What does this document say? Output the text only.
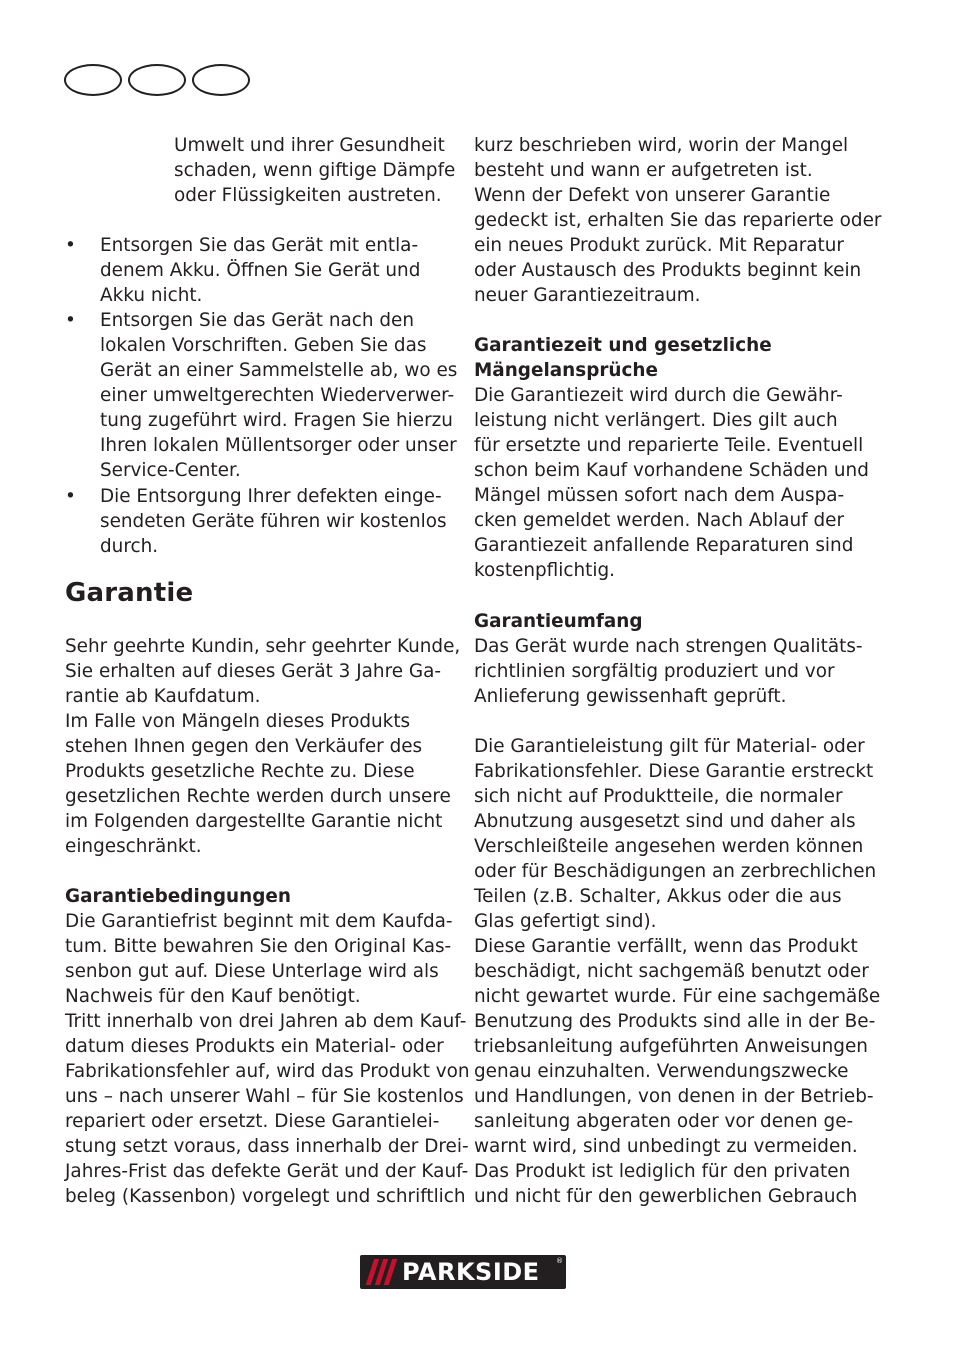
Umwelt und ihrer Gesundheit
schaden, wenn giftige Dämpfe
oder Flüssigkeiten austreten.
• Entsorgen Sie das Gerät mit entla-
denem Akku. Öffnen Sie Gerät und
Akku nicht.
• Entsorgen Sie das Gerät nach den
lokalen Vorschriften. Geben Sie das
Gerät an einer Sammelstelle ab, wo es
einer umweltgerechten Wiederverwer-
tung zugeführt wird. Fragen Sie hierzu
Ihren lokalen Müllentsorger oder unser
Service-Center.
• Die Entsorgung Ihrer defekten einge-
sendeten Geräte führen wir kostenlos
durch.
Garantie
Sehr geehrte Kundin, sehr geehrter Kunde,
Sie erhalten auf dieses Gerät 3 Jahre Ga-
rantie ab Kaufdatum.
Im Falle von Mängeln dieses Produkts
stehen Ihnen gegen den Verkäufer des
Produkts gesetzliche Rechte zu. Diese
gesetzlichen Rechte werden durch unsere
im Folgenden dargestellte Garantie nicht
eingeschränkt.
Garantiebedingungen
Die Garantiefrist beginnt mit dem Kaufda-
tum. Bitte bewahren Sie den Original Kas-
senbon gut auf. Diese Unterlage wird als
Nachweis für den Kauf benötigt.
Tritt innerhalb von drei Jahren ab dem Kauf-
datum dieses Produkts ein Material- oder
Fabrikationsfehler auf, wird das Produkt von
uns – nach unserer Wahl – für Sie kostenlos
repariert oder ersetzt. Diese Garantielei-
stung setzt voraus, dass innerhalb der Drei-
Jahres-Frist das defekte Gerät und der Kauf-
beleg (Kassenbon) vorgelegt und schriftlich
kurz beschrieben wird, worin der Mangel
besteht und wann er aufgetreten ist.
Wenn der Defekt von unserer Garantie
gedeckt ist, erhalten Sie das reparierte oder
ein neues Produkt zurück. Mit Reparatur
oder Austausch des Produkts beginnt kein
neuer Garantiezeitraum.
Garantiezeit und gesetzliche
Mängelansprüche
Die Garantiezeit wird durch die Gewähr-
leistung nicht verlängert. Dies gilt auch
für ersetzte und reparierte Teile. Eventuell
schon beim Kauf vorhandene Schäden und
Mängel müssen sofort nach dem Auspa-
cken gemeldet werden. Nach Ablauf der
Garantiezeit anfallende Reparaturen sind
kostenpflichtig.
Garantieumfang
Das Gerät wurde nach strengen Qualitäts-
richtlinien sorgfältig produziert und vor
Anlieferung gewissenhaft geprüft.
Die Garantieleistung gilt für Material- oder
Fabrikationsfehler. Diese Garantie erstreckt
sich nicht auf Produktteile, die normaler
Abnutzung ausgesetzt sind und daher als
Verschleißteile angesehen werden können
oder für Beschädigungen an zerbrechlichen
Teilen (z.B. Schalter, Akkus oder die aus
Glas gefertigt sind).
Diese Garantie verfällt, wenn das Produkt
beschädigt, nicht sachgemäß benutzt oder
nicht gewartet wurde. Für eine sachgemäße
Benutzung des Produkts sind alle in der Be-
triebsanleitung aufgeführten Anweisungen
genau einzuhalten. Verwendungszwecke
und Handlungen, von denen in der Betrieb-
sanleitung abgeraten oder vor denen ge-
warnt wird, sind unbedingt zu vermeiden.
Das Produkt ist lediglich für den privaten
und nicht für den gewerblichen Gebrauch
PARKSIDE ®
